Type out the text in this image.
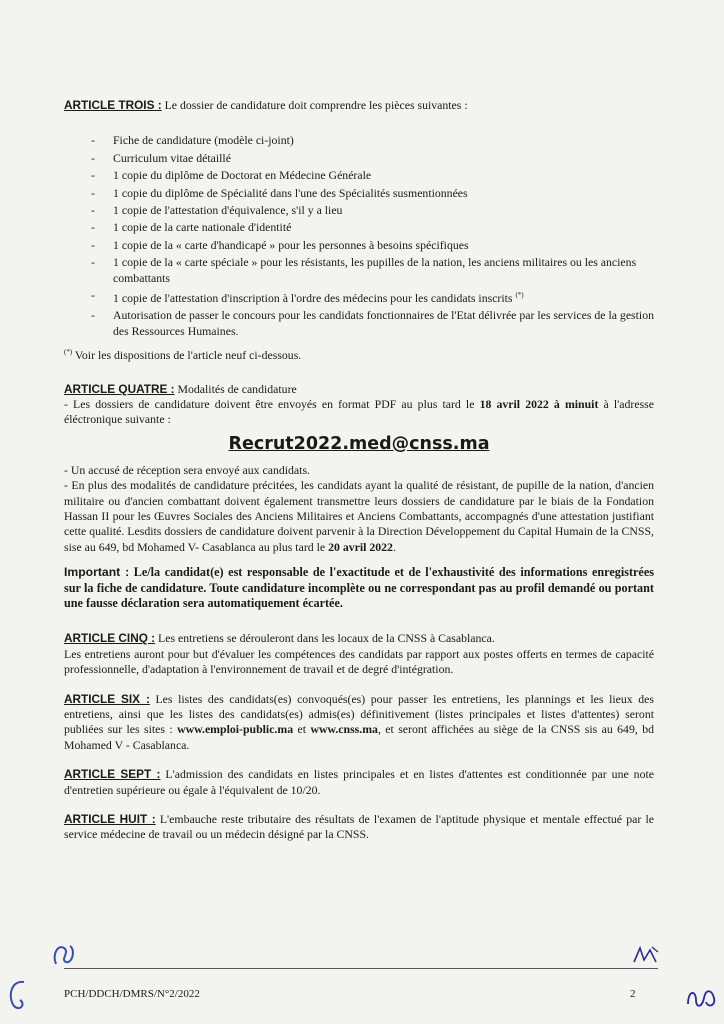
ARTICLE TROIS : Le dossier de candidature doit comprendre les pièces suivantes :

- Fiche de candidature (modèle ci-joint)
- Curriculum vitae détaillé
- 1 copie du diplôme de Doctorat en Médecine Générale
- 1 copie du diplôme de Spécialité dans l'une des Spécialités susmentionnées
- 1 copie de l'attestation d'équivalence, s'il y a lieu
- 1 copie de la carte nationale d'identité
- 1 copie de la « carte d'handicapé » pour les personnes à besoins spécifiques
- 1 copie de la « carte spéciale » pour les résistants, les pupilles de la nation, les anciens militaires ou les anciens combattants
- 1 copie de l'attestation d'inscription à l'ordre des médecins pour les candidats inscrits (*)
- Autorisation de passer le concours pour les candidats fonctionnaires de l'Etat délivrée par les services de la gestion des Ressources Humaines.

(*) Voir les dispositions de l'article neuf ci-dessous.

ARTICLE QUATRE : Modalités de candidature

- Les dossiers de candidature doivent être envoyés en format PDF au plus tard le 18 avril 2022 à minuit à l'adresse éléctronique suivante :

Recrut2022.med@cnss.ma

- Un accusé de réception sera envoyé aux candidats.

- En plus des modalités de candidature précitées, les candidats ayant la qualité de résistant, de pupille de la nation, d'ancien militaire ou d'ancien combattant doivent également transmettre leurs dossiers de candidature par le biais de la Fondation Hassan II pour les Œuvres Sociales des Anciens Militaires et Anciens Combattants, accompagnés d'une attestation justifiant cette qualité. Lesdits dossiers de candidature doivent parvenir à la Direction Développement du Capital Humain de la CNSS, sise au 649, bd Mohamed V- Casablanca au plus tard le 20 avril 2022.

Important : Le/la candidat(e) est responsable de l'exactitude et de l'exhaustivité des informations enregistrées sur la fiche de candidature. Toute candidature incomplète ou ne correspondant pas au profil demandé ou portant une fausse déclaration sera automatiquement écartée.

ARTICLE CINQ : Les entretiens se dérouleront dans les locaux de la CNSS à Casablanca.

Les entretiens auront pour but d'évaluer les compétences des candidats par rapport aux postes offerts en termes de capacité professionnelle, d'adaptation à l'environnement de travail et de degré d'intégration.

ARTICLE SIX : Les listes des candidats(es) convoqués(es) pour passer les entretiens, les plannings et les lieux des entretiens, ainsi que les listes des candidats(es) admis(es) définitivement (listes principales et listes d'attentes) seront publiées sur les sites : www.emploi-public.ma et www.cnss.ma, et seront affichées au siège de la CNSS sis au 649, bd Mohamed V - Casablanca.

ARTICLE SEPT : L'admission des candidats en listes principales et en listes d'attentes est conditionnée par une note d'entretien supérieure ou égale à l'équivalent de 10/20.

ARTICLE HUIT : L'embauche reste tributaire des résultats de l'examen de l'aptitude physique et mentale effectué par le service médecine de travail ou un médecin désigné par la CNSS.

PCH/DDCH/DMRS/N°2/2022	2
